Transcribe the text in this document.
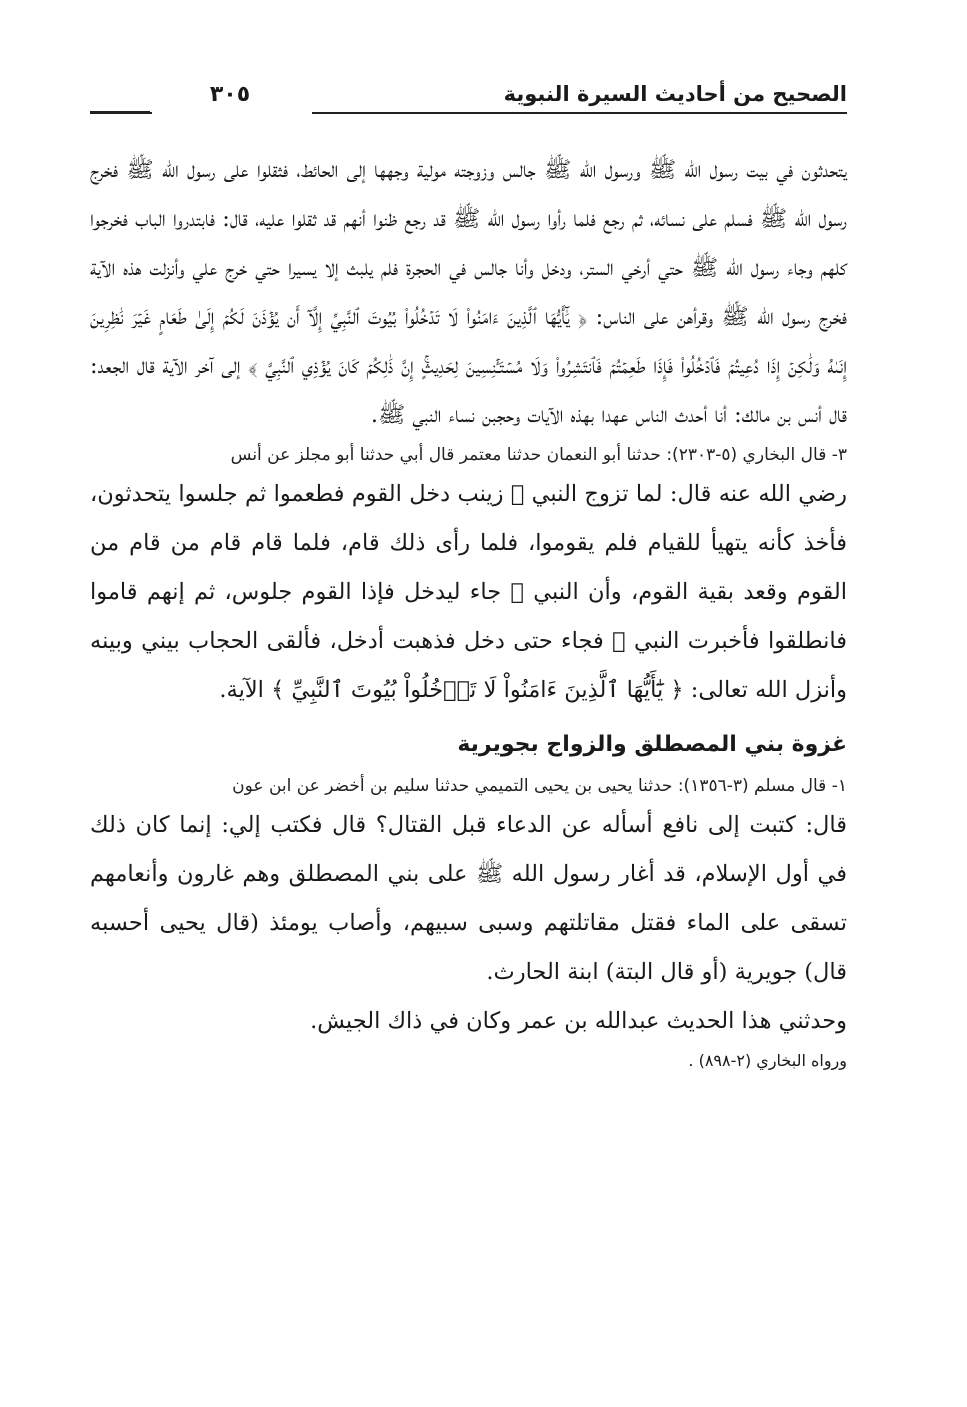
الصحيح من أحاديث السيرة النبوية
٣٠٥

يتحدثون في بيت رسول الله ﷺ ورسول الله ﷺ جالس وزوجته مولية وجهها إلى الحائط، فثقلوا على رسول الله ﷺ فخرج رسول الله ﷺ فسلم على نسائه، ثم رجع فلما رأوا رسول الله ﷺ قد رجع ظنوا أنهم قد ثقلوا عليه، قال: فابتدروا الباب فخرجوا كلهم وجاء رسول الله ﷺ حتي أرخي الستر، ودخل وأنا جالس في الحجرة فلم يلبث إلا يسيرا حتي خرج علي وأنزلت هذه الآية فخرج رسول الله ﷺ وقرأهن على الناس: ﴿ يَٰٓأَيُّهَا ٱلَّذِينَ ءَامَنُواْ لَا تَدۡخُلُواْ بُيُوتَ ٱلنَّبِيِّ إِلَّآ أَن يُؤۡذَنَ لَكُمۡ إِلَىٰ طَعَامٍ غَيۡرَ نَٰظِرِينَ إِنَىٰهُ وَلَٰكِنۡ إِذَا دُعِيتُمۡ فَٱدۡخُلُواْ فَإِذَا طَعِمۡتُمۡ فَٱنتَشِرُواْ وَلَا مُسۡتَـٔۡنِسِينَ لِحَدِيثٍۚ إِنَّ ذَٰلِكُمۡ كَانَ يُؤۡذِي ٱلنَّبِيَّ ﴾ إلى آخر الآية قال الجعد: قال أنس بن مالك: أنا أحدث الناس عهدا بهذه الآيات وحجبن نساء النبي ﷺ.

٣- قال البخاري (٥-٢٣٠٣): حدثنا أبو النعمان حدثنا معتمر قال أبي حدثنا أبو مجلز عن أنس

رضي الله عنه قال: لما تزوج النبي ﷺ زينب دخل القوم فطعموا ثم جلسوا يتحدثون، فأخذ كأنه يتهيأ للقيام فلم يقوموا، فلما رأى ذلك قام، فلما قام قام من قام من القوم وقعد بقية القوم، وأن النبي ﷺ جاء ليدخل فإذا القوم جلوس، ثم إنهم قاموا فانطلقوا فأخبرت النبي ﷺ فجاء حتى دخل فذهبت أدخل، فألقى الحجاب بيني وبينه وأنزل الله تعالى: ﴿ يَٰٓأَيُّهَا ٱلَّذِينَ ءَامَنُواْ لَا تَدۡخُلُواْ بُيُوتَ ٱلنَّبِيِّ ﴾ الآية.

غزوة بني المصطلق والزواج بجويرية

١- قال مسلم (٣-١٣٥٦): حدثنا يحيى بن يحيى التميمي حدثنا سليم بن أخضر عن ابن عون

قال: كتبت إلى نافع أسأله عن الدعاء قبل القتال؟ قال فكتب إلي: إنما كان ذلك في أول الإسلام، قد أغار رسول الله ﷺ على بني المصطلق وهم غارون وأنعامهم تسقى على الماء فقتل مقاتلتهم وسبى سبيهم، وأصاب يومئذ (قال يحيى أحسبه قال) جويرية (أو قال البتة) ابنة الحارث.

وحدثني هذا الحديث عبدالله بن عمر وكان في ذاك الجيش.

ورواه البخاري (٢-٨٩٨) .
